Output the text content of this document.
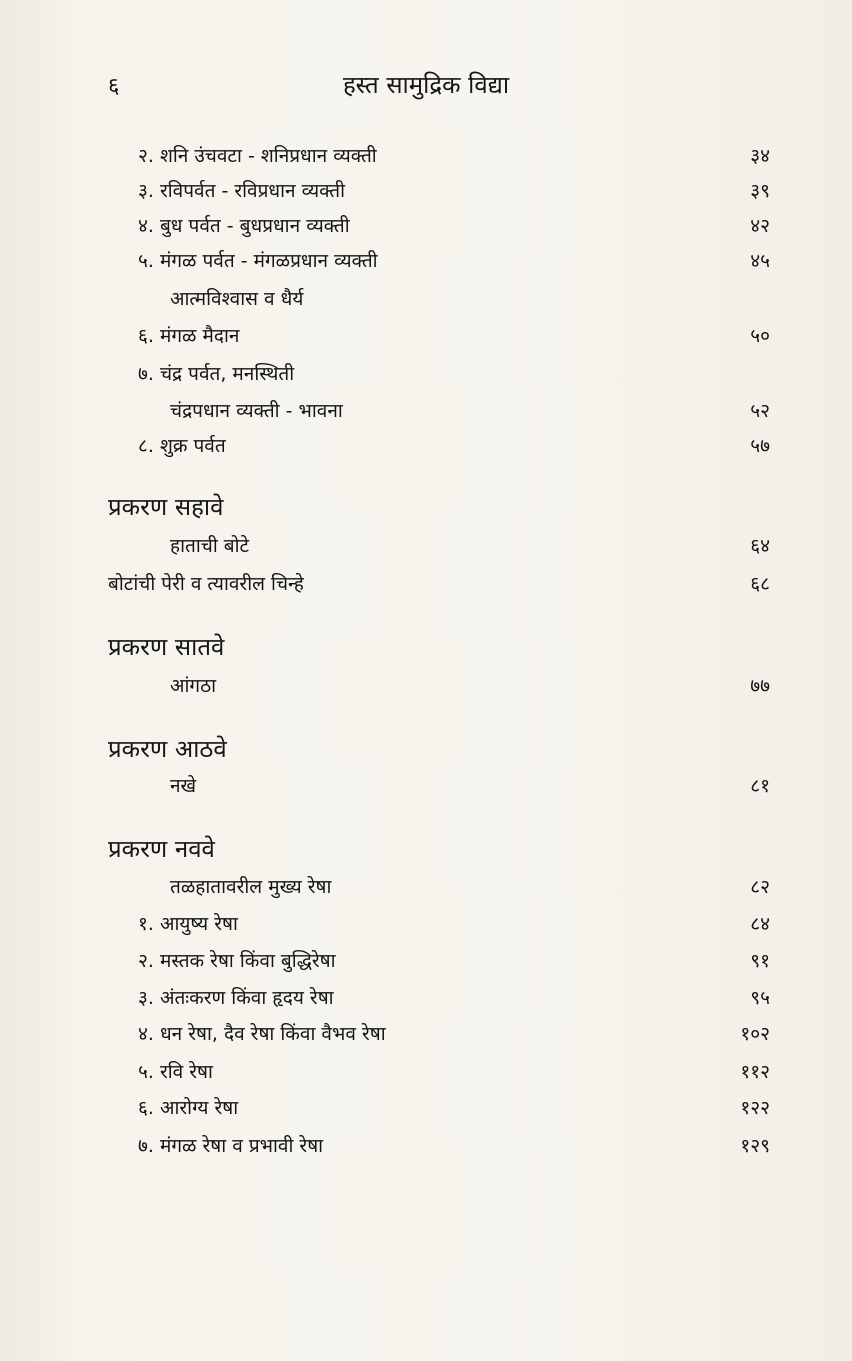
६	हस्त सामुद्रिक विद्या
२. शनि उंचवटा - शनिप्रधान व्यक्ती	३४
३. रविपर्वत - रविप्रधान व्यक्ती	३९
४. बुध पर्वत - बुधप्रधान व्यक्ती	४२
५. मंगळ पर्वत - मंगळप्रधान व्यक्ती	४५
आत्मविश्वास व धैर्य
६. मंगळ मैदान	५०
७. चंद्र पर्वत, मनस्थिती
चंद्रपधान व्यक्ती - भावना	५२
८. शुक्र पर्वत	५७
प्रकरण सहावे
हाताची बोटे	६४
बोटांची पेरी व त्यावरील चिन्हे	६८
प्रकरण सातवे
आंगठा	७७
प्रकरण आठवे
नखे	८१
प्रकरण नववे
तळहातावरील मुख्य रेषा	८२
१. आयुष्य रेषा	८४
२. मस्तक रेषा किंवा बुद्धिरेषा	९१
३. अंतःकरण किंवा हृदय रेषा	९५
४. धन रेषा, दैव रेषा किंवा वैभव रेषा	१०२
५. रवि रेषा	११२
६. आरोग्य रेषा	१२२
७. मंगळ रेषा व प्रभावी रेषा	१२९
